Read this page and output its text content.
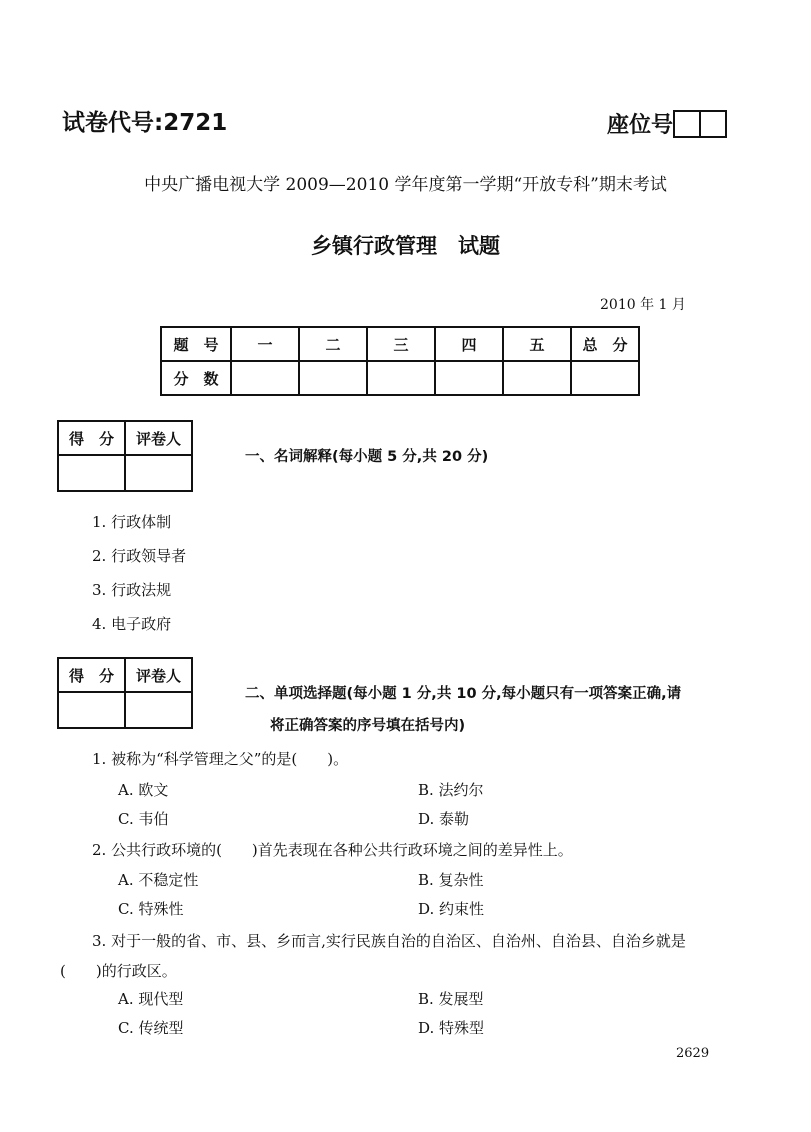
试卷代号:2721	座位号
中央广播电视大学 2009—2010 学年度第一学期“开放专科”期末考试
乡镇行政管理　试题
2010 年 1 月
题　号	一	二	三	四	五	总　分
分　数						
得　分	评卷人

一、名词解释(每小题 5 分,共 20 分)
1. 行政体制
2. 行政领导者
3. 行政法规
4. 电子政府
得　分	评卷人

二、单项选择题(每小题 1 分,共 10 分,每小题只有一项答案正确,请
将正确答案的序号填在括号内)
1. 被称为“科学管理之父”的是(　　)。
A. 欧文	B. 法约尔
C. 韦伯	D. 泰勒
2. 公共行政环境的(　　)首先表现在各种公共行政环境之间的差异性上。
A. 不稳定性	B. 复杂性
C. 特殊性	D. 约束性
3. 对于一般的省、市、县、乡而言,实行民族自治的自治区、自治州、自治县、自治乡就是
(　　)的行政区。
A. 现代型	B. 发展型
C. 传统型	D. 特殊型
2629
